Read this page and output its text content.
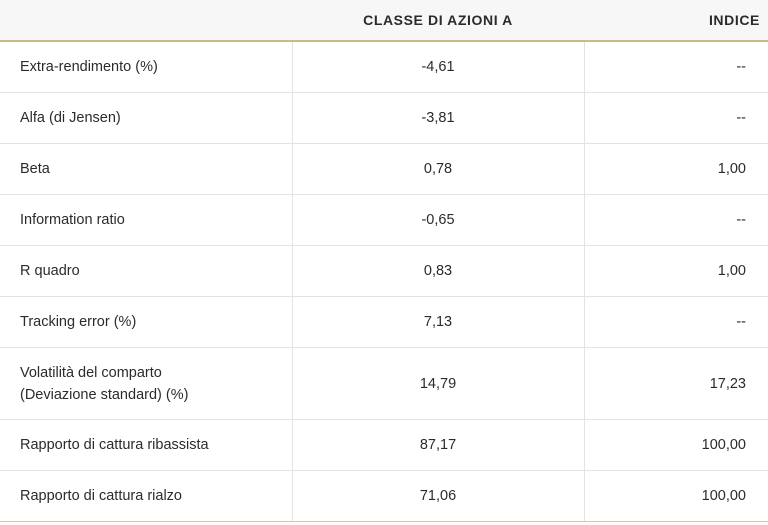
	CLASSE DI AZIONI A	INDICE
Extra-rendimento (%)	-4,61	--
Alfa (di Jensen)	-3,81	--
Beta	0,78	1,00
Information ratio	-0,65	--
R quadro	0,83	1,00
Tracking error (%)	7,13	--

Volatilità del comparto
(Deviazione standard) (%)	14,79	17,23
Rapporto di cattura ribassista	87,17	100,00
Rapporto di cattura rialzo	71,06	100,00
